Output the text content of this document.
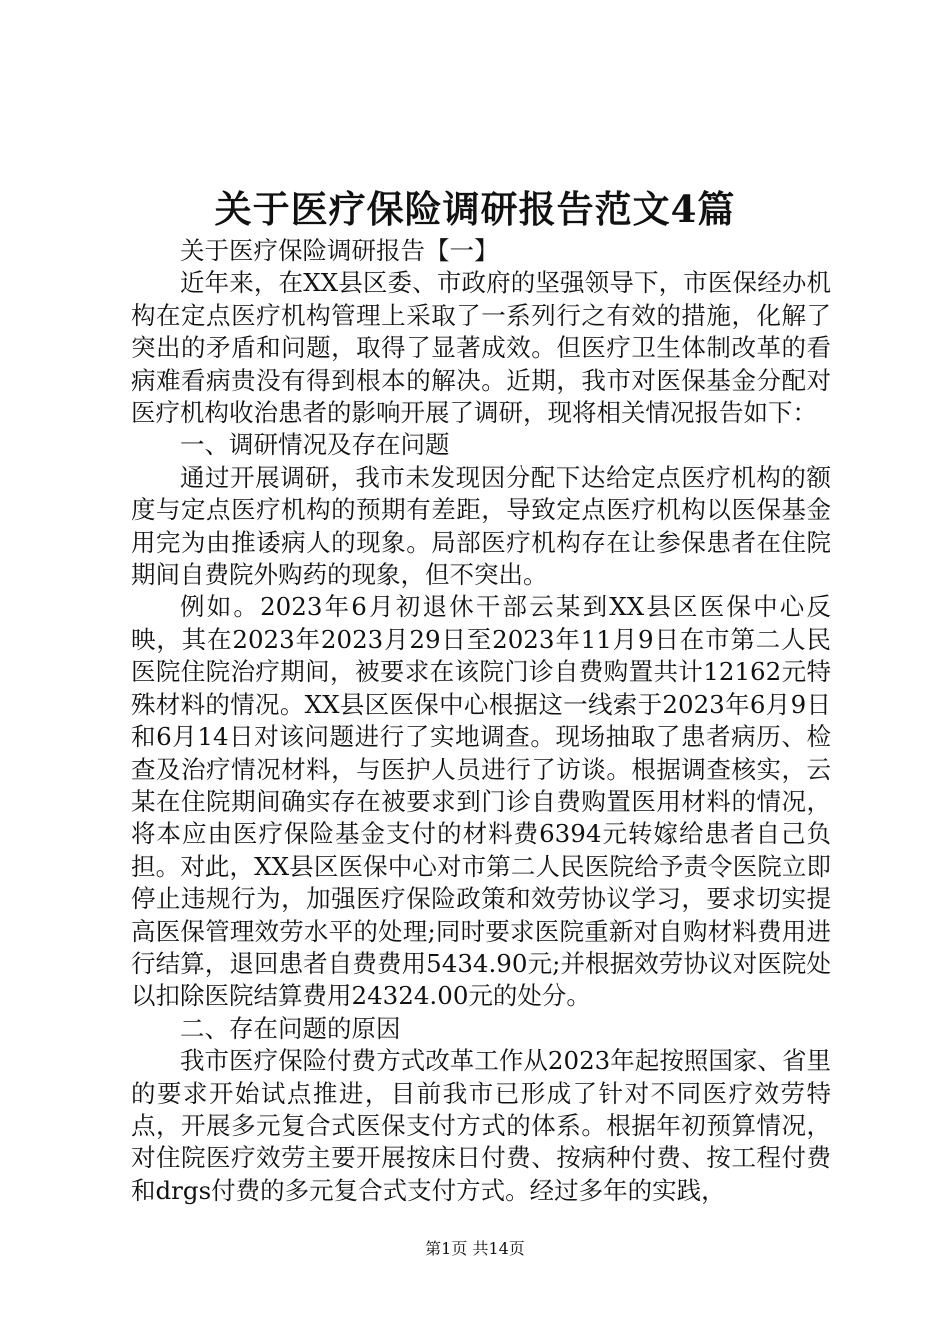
关于医疗保险调研报告范文4篇

关于医疗保险调研报告【一】

近年来，在XX县区委、市政府的坚强领导下，市医保经办机构在定点医疗机构管理上采取了一系列行之有效的措施，化解了突出的矛盾和问题，取得了显著成效。但医疗卫生体制改革的看病难看病贵没有得到根本的解决。近期，我市对医保基金分配对医疗机构收治患者的影响开展了调研，现将相关情况报告如下：

一、调研情况及存在问题

通过开展调研，我市未发现因分配下达给定点医疗机构的额度与定点医疗机构的预期有差距，导致定点医疗机构以医保基金用完为由推诿病人的现象。局部医疗机构存在让参保患者在住院期间自费院外购药的现象，但不突出。

例如。2023年6月初退休干部云某到XX县区医保中心反映，其在2023年2023月29日至2023年11月9日在市第二人民医院住院治疗期间，被要求在该院门诊自费购置共计12162元特殊材料的情况。XX县区医保中心根据这一线索于2023年6月9日和6月14日对该问题进行了实地调查。现场抽取了患者病历、检查及治疗情况材料，与医护人员进行了访谈。根据调查核实，云某在住院期间确实存在被要求到门诊自费购置医用材料的情况，将本应由医疗保险基金支付的材料费6394元转嫁给患者自己负担。对此，XX县区医保中心对市第二人民医院给予责令医院立即停止违规行为，加强医疗保险政策和效劳协议学习，要求切实提高医保管理效劳水平的处理;同时要求医院重新对自购材料费用进行结算，退回患者自费费用5434.90元;并根据效劳协议对医院处以扣除医院结算费用24324.00元的处分。

二、存在问题的原因

我市医疗保险付费方式改革工作从2023年起按照国家、省里的要求开始试点推进，目前我市已形成了针对不同医疗效劳特点，开展多元复合式医保支付方式的体系。根据年初预算情况，对住院医疗效劳主要开展按床日付费、按病种付费、按工程付费和drgs付费的多元复合式支付方式。经过多年的实践，

第1页 共14页
